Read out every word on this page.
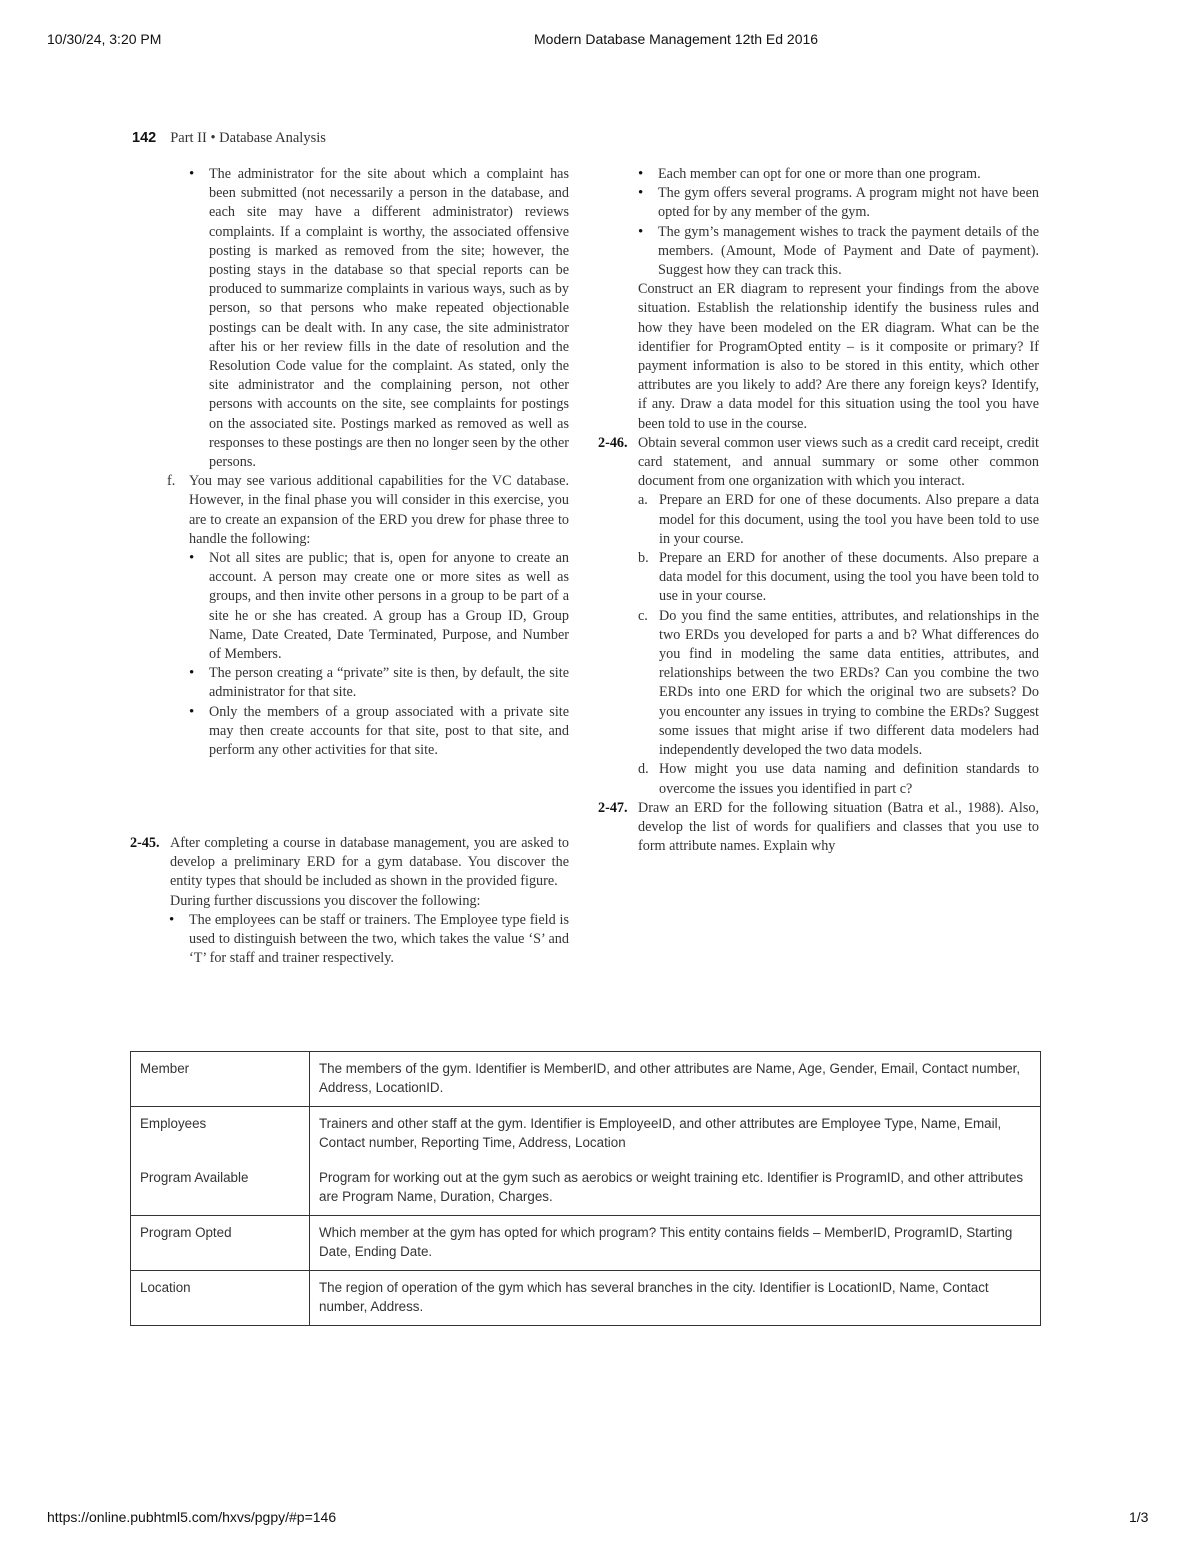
10/30/24, 3:20 PM	Modern Database Management 12th Ed 2016
142 Part II • Database Analysis
•

The administrator for the site about which a complaint has been submitted (not necessarily a person in the database, and each site may have a different administrator) reviews complaints. If a complaint is worthy, the associated offensive posting is marked as removed from the site; however, the posting stays in the database so that special reports can be produced to summarize complaints in various ways, such as by person, so that persons who make repeated objectionable postings can be dealt with. In any case, the site administrator after his or her review fills in the date of resolution and the Resolution Code value for the complaint. As stated, only the site administrator and the complaining person, not other persons with accounts on the site, see complaints for postings on the associated site. Postings marked as removed as well as responses to these postings are then no longer seen by the other persons.

f. You may see various additional capabilities for the VC database. However, in the final phase you will consider in this exercise, you are to create an expansion of the ERD you drew for phase three to handle the following:

•

Not all sites are public; that is, open for anyone to create an account. A person may create one or more sites as well as groups, and then invite other persons in a group to be part of a site he or she has created. A group has a Group ID, Group Name, Date Created, Date Terminated, Purpose, and Number of Members.

•

The person creating a “private” site is then, by default, the site administrator for that site.

•

Only the members of a group associated with a private site may then create accounts for that site, post to that site, and perform any other activities for that site.

2-45. After completing a course in database management, you are asked to develop a preliminary ERD for a gym database. You discover the entity types that should be included as shown in the provided figure.

During further discussions you discover the following:

•

The employees can be staff or trainers. The Employee type field is used to distinguish between the two, which takes the value ‘S’ and ‘T’ for staff and trainer respectively.

•

Each member can opt for one or more than one program.

•

The gym offers several programs. A program might not have been opted for by any member of the gym.

•

The gym’s management wishes to track the payment details of the members. (Amount, Mode of Payment and Date of payment). Suggest how they can track this.

Construct an ER diagram to represent your findings from the above situation. Establish the relationship identify the business rules and how they have been modeled on the ER diagram. What can be the identifier for ProgramOpted entity – is it composite or primary? If payment information is also to be stored in this entity, which other attributes are you likely to add? Are there any foreign keys? Identify, if any. Draw a data model for this situation using the tool you have been told to use in the course.

2-46. Obtain several common user views such as a credit card receipt, credit card statement, and annual summary or some other common document from one organization with which you interact.

a. Prepare an ERD for one of these documents. Also prepare a data model for this document, using the tool you have been told to use in your course.

b. Prepare an ERD for another of these documents. Also prepare a data model for this document, using the tool you have been told to use in your course.

c. Do you find the same entities, attributes, and relationships in the two ERDs you developed for parts a and b? What differences do you find in modeling the same data entities, attributes, and relationships between the two ERDs? Can you combine the two ERDs into one ERD for which the original two are subsets? Do you encounter any issues in trying to combine the ERDs? Suggest some issues that might arise if two different data modelers had independently developed the two data models.

d. How might you use data naming and definition standards to overcome the issues you identified in part c?

2-47. Draw an ERD for the following situation (Batra et al., 1988). Also, develop the list of words for qualifiers and classes that you use to form attribute names. Explain why

Member	The members of the gym. Identifier is MemberID, and other attributes are Name, Age, Gender, Email, Contact number, Address, LocationID.
Employees	Trainers and other staff at the gym. Identifier is EmployeeID, and other attributes are Employee Type, Name, Email, Contact number, Reporting Time, Address, Location
Program Available	Program for working out at the gym such as aerobics or weight training etc. Identifier is ProgramID, and other attributes are Program Name, Duration, Charges.
Program Opted	Which member at the gym has opted for which program? This entity contains fields – MemberID, ProgramID, Starting Date, Ending Date.
Location	The region of operation of the gym which has several branches in the city. Identifier is LocationID, Name, Contact number, Address.
https://online.pubhtml5.com/hxvs/pgpy/#p=146	1/3
